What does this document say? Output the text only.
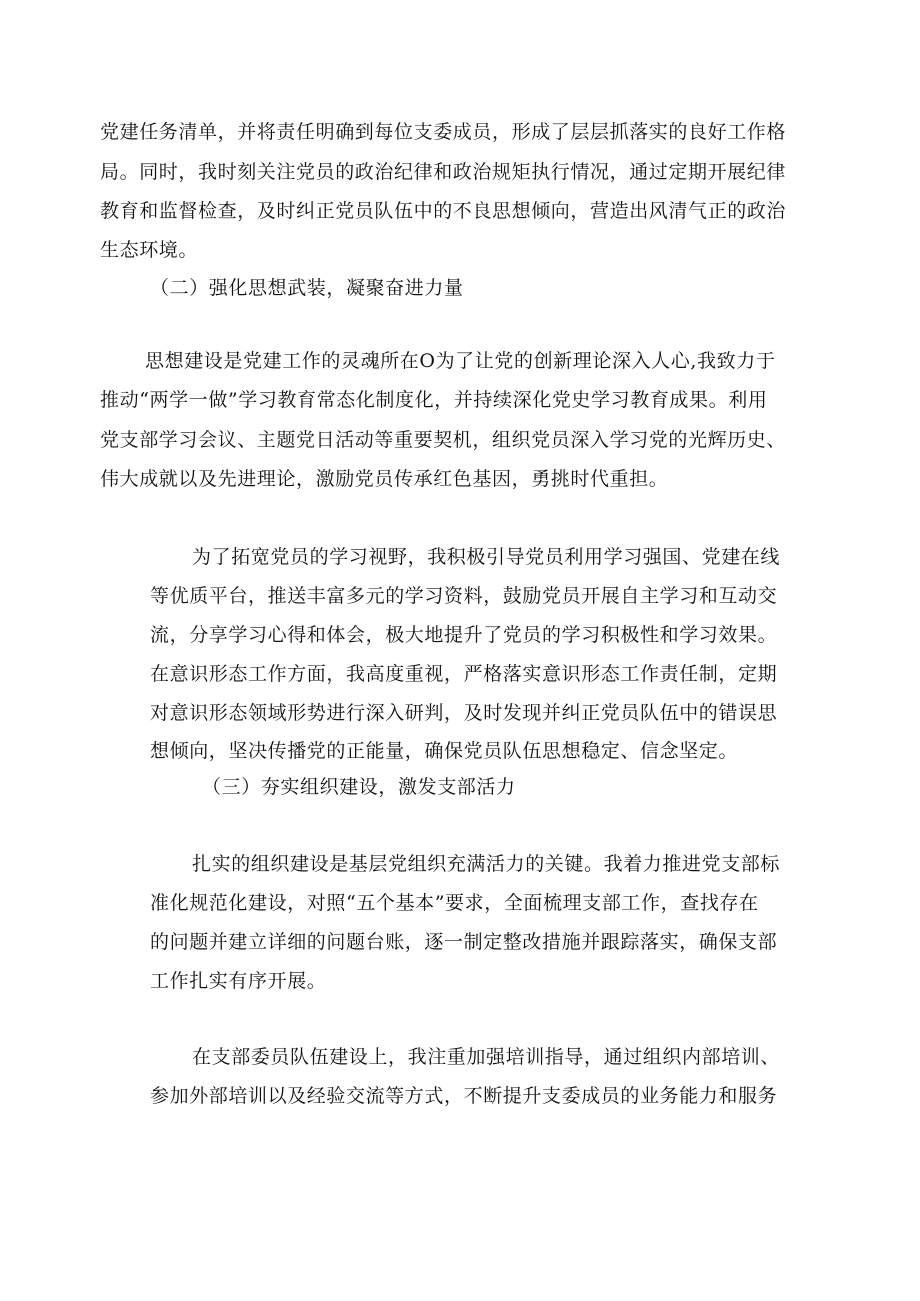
党建任务清单，并将责任明确到每位支委成员，形成了层层抓落实的良好工作格
局。同时，我时刻关注党员的政治纪律和政治规矩执行情况，通过定期开展纪律
教育和监督检查，及时纠正党员队伍中的不良思想倾向，营造出风清气正的政治
生态环境。
（二）强化思想武装，凝聚奋进力量
思想建设是党建工作的灵魂所在O为了让党的创新理论深入人心,我致力于
推动“两学一做”学习教育常态化制度化，并持续深化党史学习教育成果。利用
党支部学习会议、主题党日活动等重要契机，组织党员深入学习党的光辉历史、
伟大成就以及先进理论，激励党员传承红色基因，勇挑时代重担。
为了拓宽党员的学习视野，我积极引导党员利用学习强国、党建在线
等优质平台，推送丰富多元的学习资料，鼓励党员开展自主学习和互动交
流，分享学习心得和体会，极大地提升了党员的学习积极性和学习效果。
在意识形态工作方面，我高度重视，严格落实意识形态工作责任制，定期
对意识形态领域形势进行深入研判，及时发现并纠正党员队伍中的错误思
想倾向，坚决传播党的正能量，确保党员队伍思想稳定、信念坚定。
（三）夯实组织建设，激发支部活力
扎实的组织建设是基层党组织充满活力的关键。我着力推进党支部标
准化规范化建设，对照“五个基本”要求，全面梳理支部工作，查找存在
的问题并建立详细的问题台账，逐一制定整改措施并跟踪落实，确保支部
工作扎实有序开展。
在支部委员队伍建设上，我注重加强培训指导，通过组织内部培训、
参加外部培训以及经验交流等方式，不断提升支委成员的业务能力和服务
